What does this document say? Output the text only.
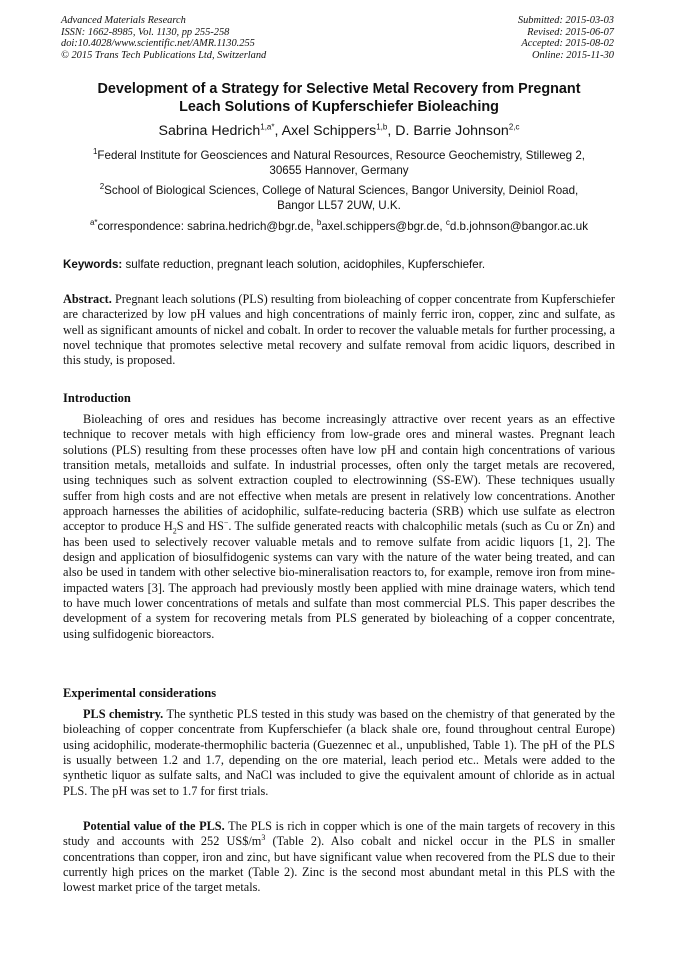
Advanced Materials Research
ISSN: 1662-8985, Vol. 1130, pp 255-258
doi:10.4028/www.scientific.net/AMR.1130.255
© 2015 Trans Tech Publications Ltd, Switzerland
Submitted: 2015-03-03
Revised: 2015-06-07
Accepted: 2015-08-02
Online: 2015-11-30
Development of a Strategy for Selective Metal Recovery from Pregnant
Leach Solutions of Kupferschiefer Bioleaching
Sabrina Hedrich$^{1,a*}$, Axel Schippers$^{1,b}$, D. Barrie Johnson$^{2,c}$
$^1$Federal Institute for Geosciences and Natural Resources, Resource Geochemistry, Stilleweg 2,
30655 Hannover, Germany
$^2$School of Biological Sciences, College of Natural Sciences, Bangor University, Deiniol Road,
Bangor LL57 2UW, U.K.
$^{a*}$correspondence: sabrina.hedrich@bgr.de, $^b$axel.schippers@bgr.de, $^c$d.b.johnson@bangor.ac.uk
Keywords: sulfate reduction, pregnant leach solution, acidophiles, Kupferschiefer.

Abstract. Pregnant leach solutions (PLS) resulting from bioleaching of copper concentrate from Kupferschiefer are characterized by low pH values and high concentrations of mainly ferric iron, copper, zinc and sulfate, as well as significant amounts of nickel and cobalt. In order to recover the valuable metals for further processing, a novel technique that promotes selective metal recovery and sulfate removal from acidic liquors, described in this study, is proposed.

Introduction

Bioleaching of ores and residues has become increasingly attractive over recent years as an effective technique to recover metals with high efficiency from low-grade ores and mineral wastes. Pregnant leach solutions (PLS) resulting from these processes often have low pH and contain high concentrations of various transition metals, metalloids and sulfate. In industrial processes, often only the target metals are recovered, using techniques such as solvent extraction coupled to electrowinning (SS-EW). These techniques usually suffer from high costs and are not effective when metals are present in relatively low concentrations. Another approach harnesses the abilities of acidophilic, sulfate-reducing bacteria (SRB) which use sulfate as electron acceptor to produce $H_2S$ and HS−. The sulfide generated reacts with chalcophilic metals (such as Cu or Zn) and has been used to selectively recover valuable metals and to remove sulfate from acidic liquors [1, 2]. The design and application of biosulfidogenic systems can vary with the nature of the water being treated, and can also be used in tandem with other selective bio-mineralisation reactors to, for example, remove iron from mine-impacted waters [3]. The approach had previously mostly been applied with mine drainage waters, which tend to have much lower concentrations of metals and sulfate than most commercial PLS. This paper describes the development of a system for recovering metals from PLS generated by bioleaching of a copper concentrate, using sulfidogenic bioreactors.

Experimental considerations

PLS chemistry. The synthetic PLS tested in this study was based on the chemistry of that generated by the bioleaching of copper concentrate from Kupferschiefer (a black shale ore, found throughout central Europe) using acidophilic, moderate-thermophilic bacteria (Guezennec et al., unpublished, Table 1). The pH of the PLS is usually between 1.2 and 1.7, depending on the ore material, leach period etc.. Metals were added to the synthetic liquor as sulfate salts, and NaCl was included to give the equivalent amount of chloride as in actual PLS. The pH was set to 1.7 for first trials.

Potential value of the PLS. The PLS is rich in copper which is one of the main targets of recovery in this study and accounts with 252 $US\$/m^3$ (Table 2). Also cobalt and nickel occur in the PLS in smaller concentrations than copper, iron and zinc, but have significant value when recovered from the PLS due to their currently high prices on the market (Table 2). Zinc is the second most abundant metal in this PLS with the lowest market price of the target metals.
